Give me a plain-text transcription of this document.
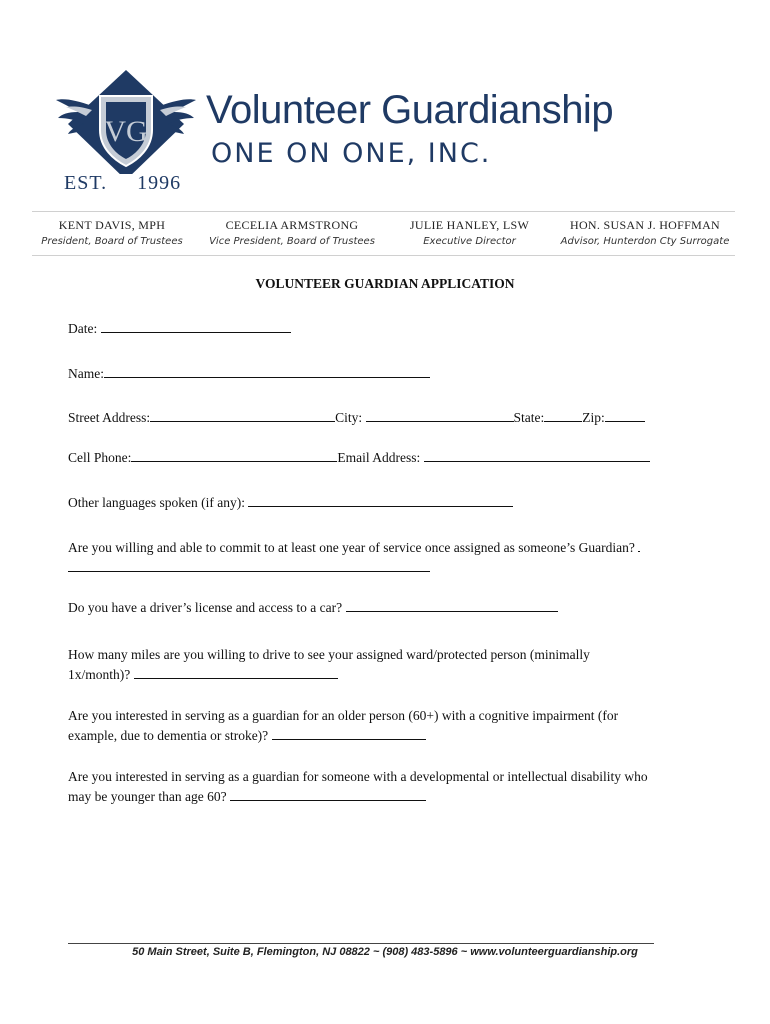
VG
EST. 1996
Volunteer Guardianship
ONE ON ONE, INC.
KENT DAVIS, MPH
President, Board of Trustees
CECELIA ARMSTRONG
Vice President, Board of Trustees
JULIE HANLEY, LSW
Executive Director
HON. SUSAN J. HOFFMAN
Advisor, Hunterdon Cty Surrogate
VOLUNTEER GUARDIAN APPLICATION
Date:
Name:
Street Address:	City:	State:	Zip:
Cell Phone:	Email Address:
Other languages spoken (if any):
Are you willing and able to commit to at least one year of service once assigned as someone’s Guardian?

Do you have a driver’s license and access to a car?
How many miles are you willing to drive to see your assigned ward/protected person (minimally
1x/month)?
Are you interested in serving as a guardian for an older person (60+) with a cognitive impairment (for
example, due to dementia or stroke)?
Are you interested in serving as a guardian for someone with a developmental or intellectual disability who
may be younger than age 60?
50 Main Street, Suite B, Flemington, NJ 08822 ~ (908) 483-5896 ~ www.volunteerguardianship.org
